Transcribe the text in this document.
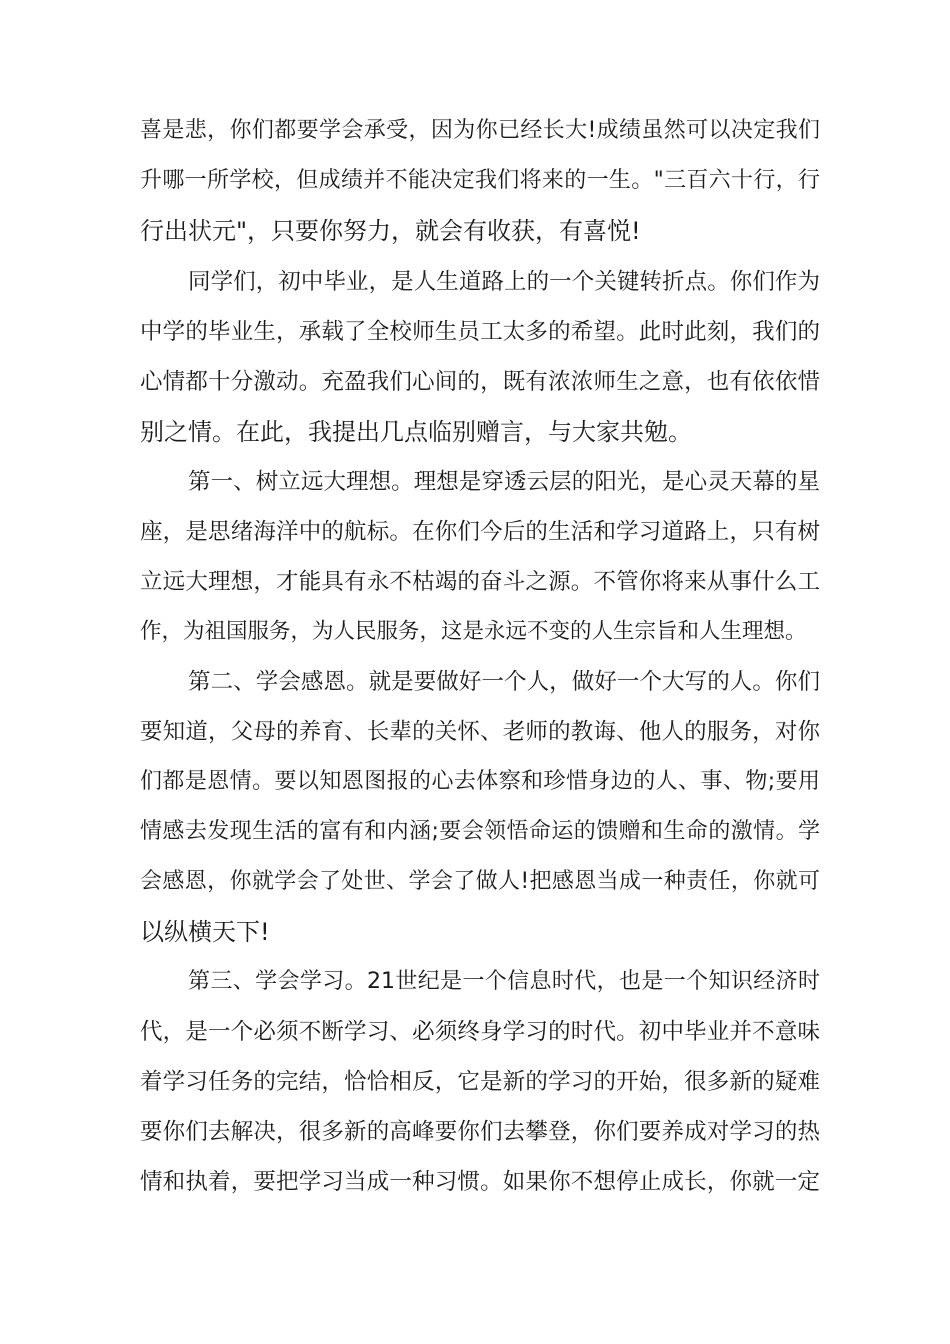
喜是悲，你们都要学会承受，因为你已经长大!成绩虽然可以决定我们
升哪一所学校，但成绩并不能决定我们将来的一生。"三百六十行，行
行出状元"，只要你努力，就会有收获，有喜悦!
同学们，初中毕业，是人生道路上的一个关键转折点。你们作为
中学的毕业生，承载了全校师生员工太多的希望。此时此刻，我们的
心情都十分激动。充盈我们心间的，既有浓浓师生之意，也有依依惜
别之情。在此，我提出几点临别赠言，与大家共勉。
第一、树立远大理想。理想是穿透云层的阳光，是心灵天幕的星
座，是思绪海洋中的航标。在你们今后的生活和学习道路上，只有树
立远大理想，才能具有永不枯竭的奋斗之源。不管你将来从事什么工
作，为祖国服务，为人民服务，这是永远不变的人生宗旨和人生理想。
第二、学会感恩。就是要做好一个人，做好一个大写的人。你们
要知道，父母的养育、长辈的关怀、老师的教诲、他人的服务，对你
们都是恩情。要以知恩图报的心去体察和珍惜身边的人、事、物;要用
情感去发现生活的富有和内涵;要会领悟命运的馈赠和生命的激情。学
会感恩，你就学会了处世、学会了做人!把感恩当成一种责任，你就可
以纵横天下!
第三、学会学习。21世纪是一个信息时代，也是一个知识经济时
代，是一个必须不断学习、必须终身学习的时代。初中毕业并不意味
着学习任务的完结，恰恰相反，它是新的学习的开始，很多新的疑难
要你们去解决，很多新的高峰要你们去攀登，你们要养成对学习的热
情和执着，要把学习当成一种习惯。如果你不想停止成长，你就一定
